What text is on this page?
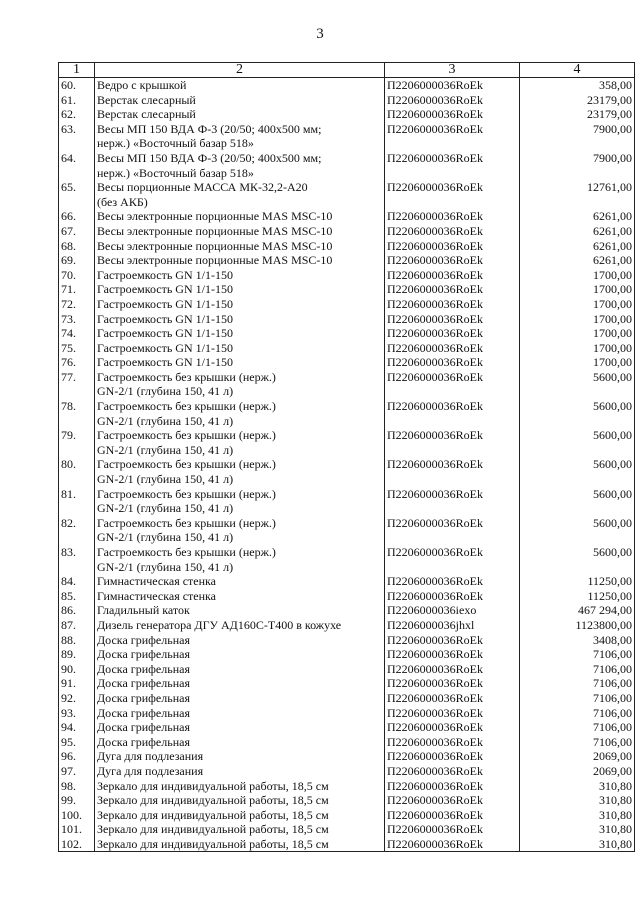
3
1	2	3	4
60.	Ведро с крышкой	П2206000036RoEk	358,00
61.	Верстак слесарный	П2206000036RoEk	23179,00
62.	Верстак слесарный	П2206000036RoEk	23179,00
63.	Весы МП 150 ВДА Ф-3 (20/50; 400х500 мм;
нерж.) «Восточный базар 518»	П2206000036RoEk	7900,00
64.	Весы МП 150 ВДА Ф-3 (20/50; 400х500 мм;
нерж.) «Восточный базар 518»	П2206000036RoEk	7900,00
65.	Весы порционные МАССА МК-32,2-А20
(без АКБ)	П2206000036RoEk	12761,00
66.	Весы электронные порционные MAS MSC-10	П2206000036RoEk	6261,00
67.	Весы электронные порционные MAS MSC-10	П2206000036RoEk	6261,00
68.	Весы электронные порционные MAS MSC-10	П2206000036RoEk	6261,00
69.	Весы электронные порционные MAS MSC-10	П2206000036RoEk	6261,00
70.	Гастроемкость GN 1/1-150	П2206000036RoEk	1700,00
71.	Гастроемкость GN 1/1-150	П2206000036RoEk	1700,00
72.	Гастроемкость GN 1/1-150	П2206000036RoEk	1700,00
73.	Гастроемкость GN 1/1-150	П2206000036RoEk	1700,00
74.	Гастроемкость GN 1/1-150	П2206000036RoEk	1700,00
75.	Гастроемкость GN 1/1-150	П2206000036RoEk	1700,00
76.	Гастроемкость GN 1/1-150	П2206000036RoEk	1700,00
77.	Гастроемкость без крышки (нерж.)
GN-2/1 (глубина 150, 41 л)	П2206000036RoEk	5600,00
78.	Гастроемкость без крышки (нерж.)
GN-2/1 (глубина 150, 41 л)	П2206000036RoEk	5600,00
79.	Гастроемкость без крышки (нерж.)
GN-2/1 (глубина 150, 41 л)	П2206000036RoEk	5600,00
80.	Гастроемкость без крышки (нерж.)
GN-2/1 (глубина 150, 41 л)	П2206000036RoEk	5600,00
81.	Гастроемкость без крышки (нерж.)
GN-2/1 (глубина 150, 41 л)	П2206000036RoEk	5600,00
82.	Гастроемкость без крышки (нерж.)
GN-2/1 (глубина 150, 41 л)	П2206000036RoEk	5600,00
83.	Гастроемкость без крышки (нерж.)
GN-2/1 (глубина 150, 41 л)	П2206000036RoEk	5600,00
84.	Гимнастическая стенка	П2206000036RoEk	11250,00
85.	Гимнастическая стенка	П2206000036RoEk	11250,00
86.	Гладильный каток	П2206000036iexo	467 294,00
87.	Дизель генератора ДГУ АД160С-Т400 в кожухе	П2206000036jhxl	1123800,00
88.	Доска грифельная	П2206000036RoEk	3408,00
89.	Доска грифельная	П2206000036RoEk	7106,00
90.	Доска грифельная	П2206000036RoEk	7106,00
91.	Доска грифельная	П2206000036RoEk	7106,00
92.	Доска грифельная	П2206000036RoEk	7106,00
93.	Доска грифельная	П2206000036RoEk	7106,00
94.	Доска грифельная	П2206000036RoEk	7106,00
95.	Доска грифельная	П2206000036RoEk	7106,00
96.	Дуга для подлезания	П2206000036RoEk	2069,00
97.	Дуга для подлезания	П2206000036RoEk	2069,00
98.	Зеркало для индивидуальной работы, 18,5 см	П2206000036RoEk	310,80
99.	Зеркало для индивидуальной работы, 18,5 см	П2206000036RoEk	310,80
100.	Зеркало для индивидуальной работы, 18,5 см	П2206000036RoEk	310,80
101.	Зеркало для индивидуальной работы, 18,5 см	П2206000036RoEk	310,80
102.	Зеркало для индивидуальной работы, 18,5 см	П2206000036RoEk	310,80
